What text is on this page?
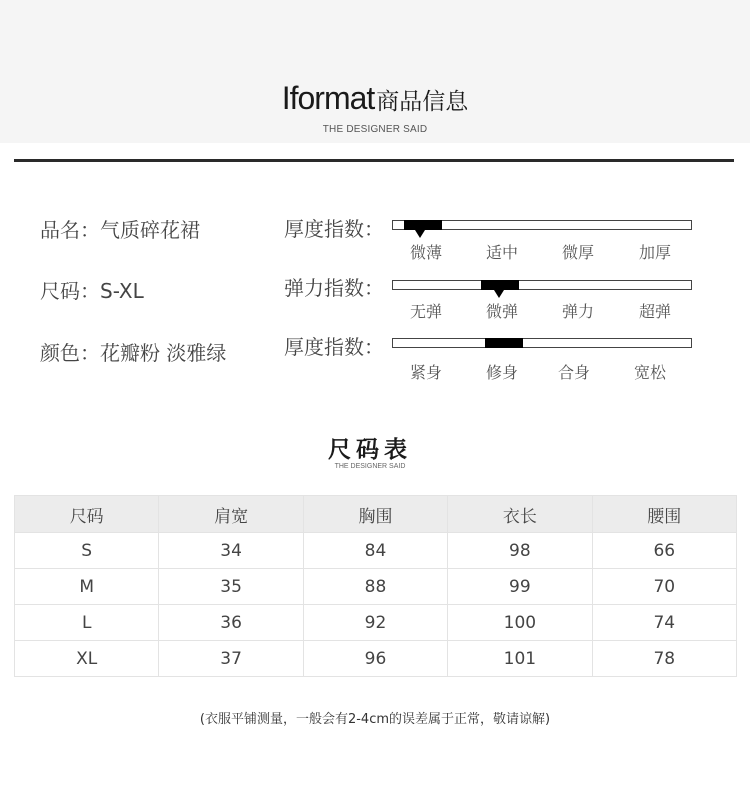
Iformat商品信息
THE DESIGNER SAID
品名：气质碎花裙
尺码：S-XL
颜色：花瓣粉 淡雅绿
厚度指数：
微薄	适中	微厚	加厚
弹力指数：
无弹	微弹	弹力	超弹
厚度指数：
紧身	修身	合身	宽松
尺码表
THE DESIGNER SAID
尺码	肩宽	胸围	衣长	腰围
S	34	84	98	66
M	35	88	99	70
L	36	92	100	74
XL	37	96	101	78
(衣服平铺测量，一般会有2-4cm的误差属于正常，敬请谅解)
